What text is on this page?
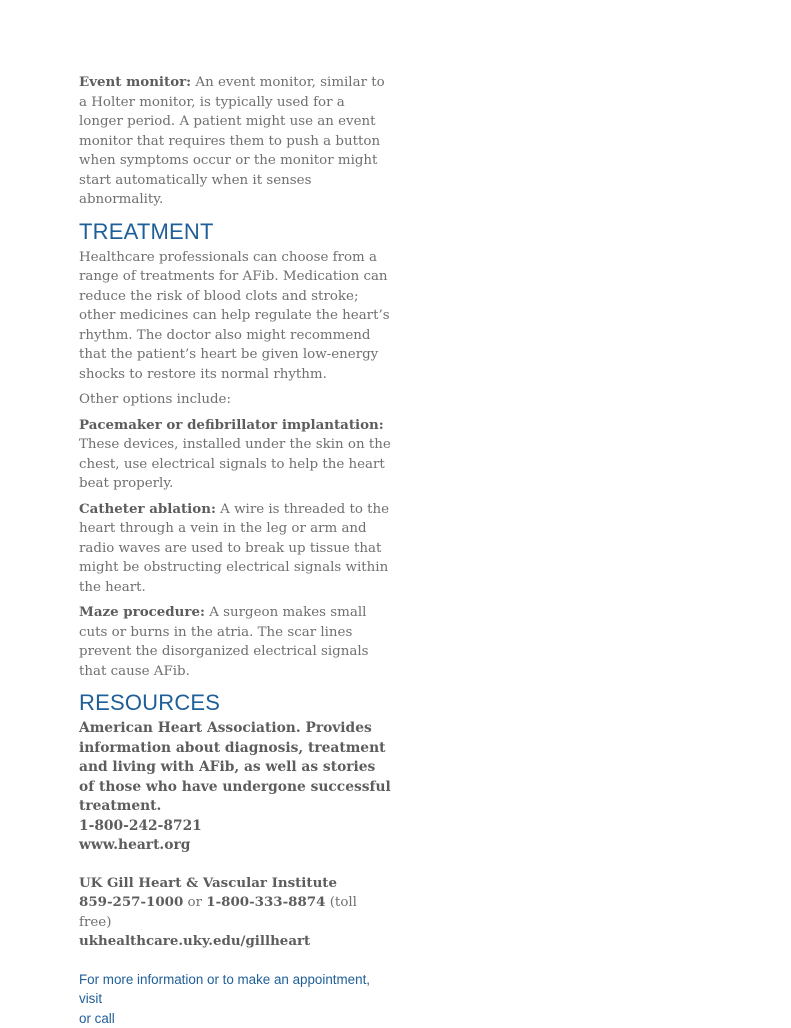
Event monitor: An event monitor, similar to a Holter monitor, is typically used for a longer period. A patient might use an event monitor that requires them to push a button when symptoms occur or the monitor might start automatically when it senses abnormality.

TREATMENT

Healthcare professionals can choose from a range of treatments for AFib. Medication can reduce the risk of blood clots and stroke; other medicines can help regulate the heart’s rhythm. The doctor also might recommend that the patient’s heart be given low-energy shocks to restore its normal rhythm.

Other options include:

Pacemaker or defibrillator implantation: These devices, installed under the skin on the chest, use electrical signals to help the heart beat properly.

Catheter ablation: A wire is threaded to the heart through a vein in the leg or arm and radio waves are used to break up tissue that might be obstructing electrical signals within the heart.

Maze procedure: A surgeon makes small cuts or burns in the atria. The scar lines prevent the disorganized electrical signals that cause AFib.

RESOURCES
American Heart Association. Provides information about diagnosis, treatment and living with AFib, as well as stories of those who have undergone successful treatment.
1-800-242-8721
www.heart.org
UK Gill Heart & Vascular Institute
859-257-1000 or 1-800-333-8874 (toll free)
ukhealthcare.uky.edu/gillheart
For more information or to make an appointment,
visit
or call
